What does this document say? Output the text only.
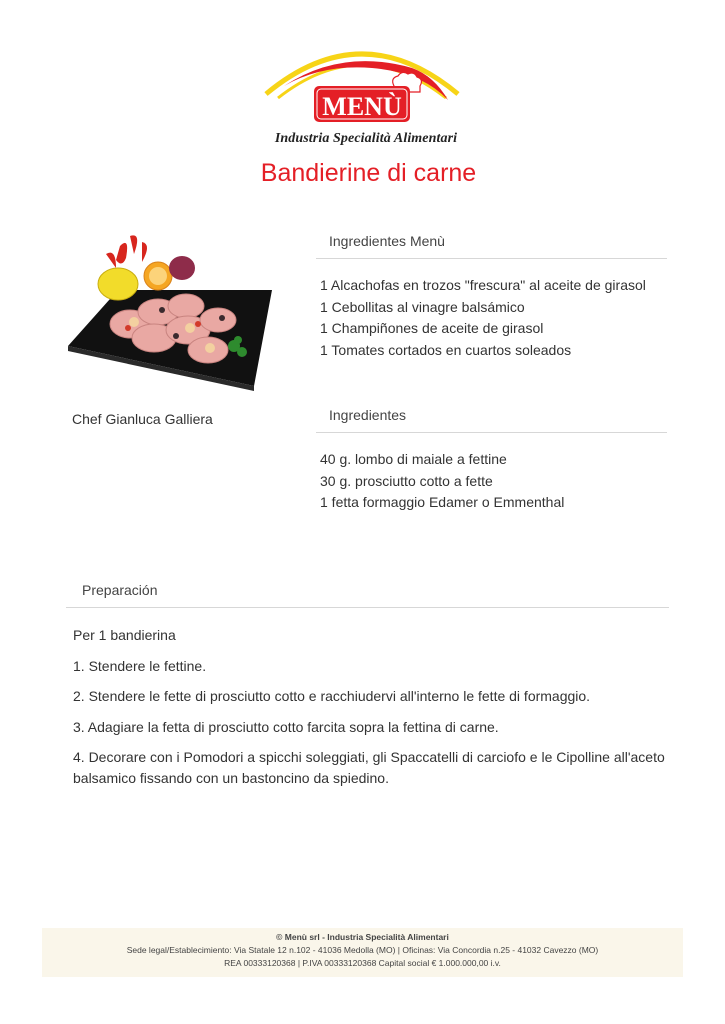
MENÙ
Industria Specialità Alimentari
Bandierine di carne
Chef Gianluca Galliera
Ingredientes Menù
1 Alcachofas en trozos "frescura" al aceite de girasol
1 Cebollitas al vinagre balsámico
1 Champiñones de aceite de girasol
1 Tomates cortados en cuartos soleados
Ingredientes
40 g. lombo di maiale a fettine
30 g. prosciutto cotto a fette
1 fetta formaggio Edamer o Emmenthal
Preparación

Per 1 bandierina

1. Stendere le fettine.

2. Stendere le fette di prosciutto cotto e racchiudervi all'interno le fette di formaggio.

3. Adagiare la fetta di prosciutto cotto farcita sopra la fettina di carne.

4. Decorare con i Pomodori a spicchi soleggiati, gli Spaccatelli di carciofo e le Cipolline all'aceto balsamico fissando con un bastoncino da spiedino.

© Menù srl - Industria Specialità Alimentari
Sede legal/Establecimiento: Via Statale 12 n.102 - 41036 Medolla (MO) | Oficinas: Via Concordia n.25 - 41032 Cavezzo (MO)
REA 00333120368 | P.IVA 00333120368 Capital social € 1.000.000,00 i.v.
